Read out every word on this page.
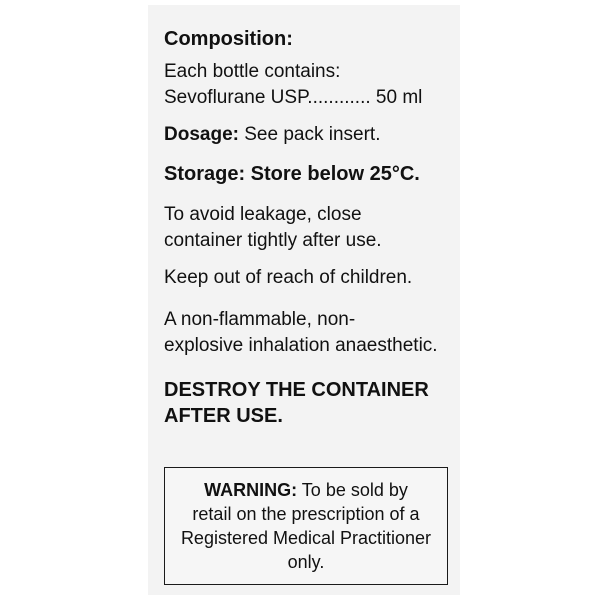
Composition:

Each bottle contains:

Sevoflurane USP............ 50 ml

Dosage: See pack insert.

Storage: Store below 25°C.

To avoid leakage, close

container tightly after use.

Keep out of reach of children.

A non-flammable, non-

explosive inhalation anaesthetic.

DESTROY THE CONTAINER

AFTER USE.

WARNING: To be sold by
retail on the prescription of a
Registered Medical Practitioner
only.
